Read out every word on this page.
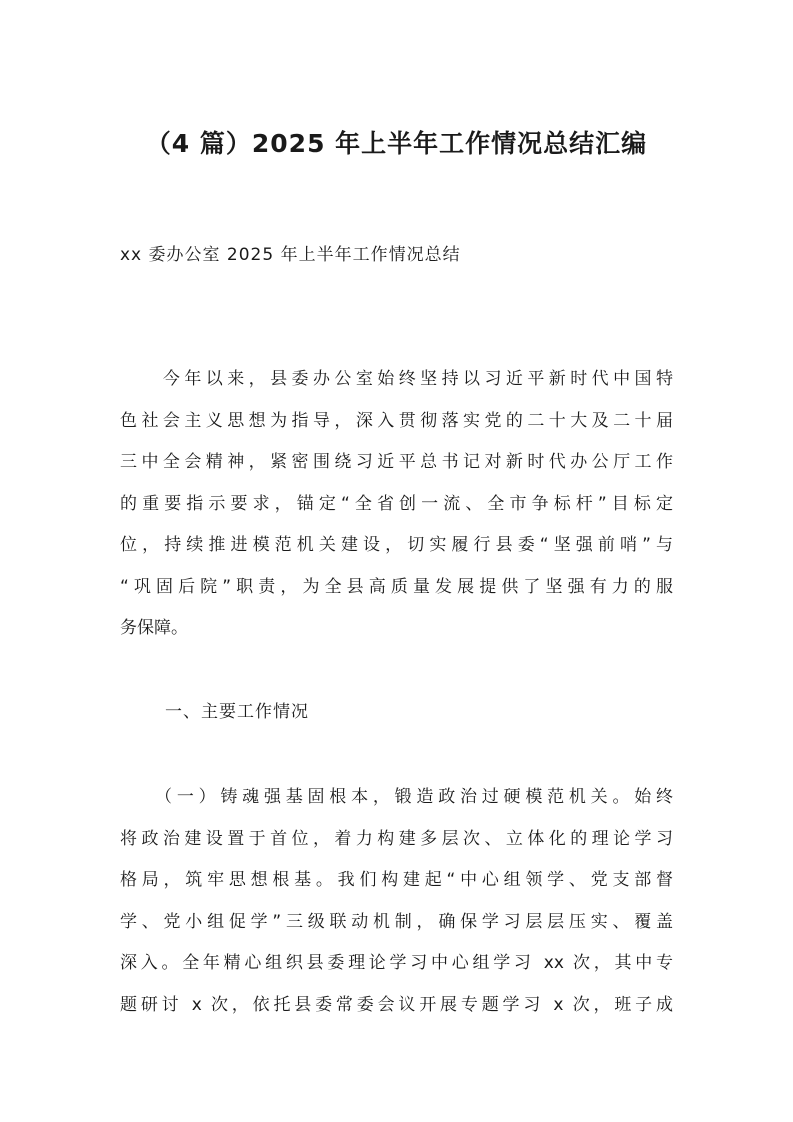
（4 篇）2025 年上半年工作情况总结汇编

xx 委办公室 2025 年上半年工作情况总结

　　今年以来，县委办公室始终坚持以习近平新时代中国特
色社会主义思想为指导，深入贯彻落实党的二十大及二十届
三中全会精神，紧密围绕习近平总书记对新时代办公厅工作
的重要指示要求，锚定“全省创一流、全市争标杆”目标定
位，持续推进模范机关建设，切实履行县委“坚强前哨”与
“巩固后院”职责，为全县高质量发展提供了坚强有力的服
务保障。

一、主要工作情况

　　（一）铸魂强基固根本，锻造政治过硬模范机关。始终
将政治建设置于首位，着力构建多层次、立体化的理论学习
格局，筑牢思想根基。我们构建起“中心组领学、党支部督
学、党小组促学”三级联动机制，确保学习层层压实、覆盖
深入。全年精心组织县委理论学习中心组学习 xx 次，其中专
题研讨 x 次，依托县委常委会议开展专题学习 x 次，班子成
